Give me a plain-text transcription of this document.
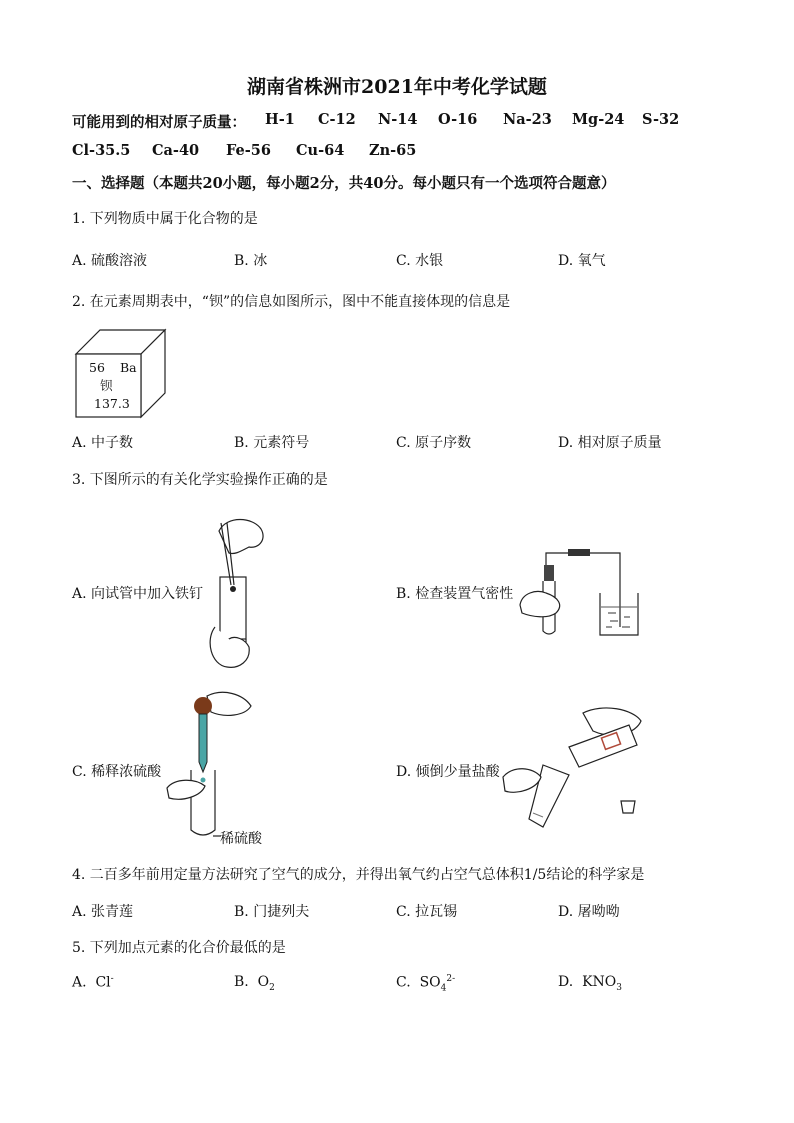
湖南省株洲市2021年中考化学试题
可能用到的相对原子质量： H-1 C-12 N-14 O-16 Na-23 Mg-24 S-32
Cl-35.5 Ca-40 Fe-56 Cu-64 Zn-65
一、选择题（本题共20小题，每小题2分，共40分。每小题只有一个选项符合题意）
1. 下列物质中属于化合物的是
A. 硫酸溶液	B. 冰	C. 水银	D. 氧气
2. 在元素周期表中，“钡”的信息如图所示，图中不能直接体现的信息是
56 Ba
钡
137.3
A. 中子数	B. 元素符号	C. 原子序数	D. 相对原子质量
3. 下图所示的有关化学实验操作正确的是
A. 向试管中加入铁钉	B. 检查装置气密性
C. 稀释浓硫酸	D. 倾倒少量盐酸
稀硫酸
4. 二百多年前用定量方法研究了空气的成分，并得出氧气约占空气总体积1/5结论的科学家是
A. 张青莲	B. 门捷列夫	C. 拉瓦锡	D. 屠呦呦
5. 下列加点元素的化合价最低的是
A. Cl-	B. $O_2$	C. $SO_4^{2-}$	D. $KNO_3$
